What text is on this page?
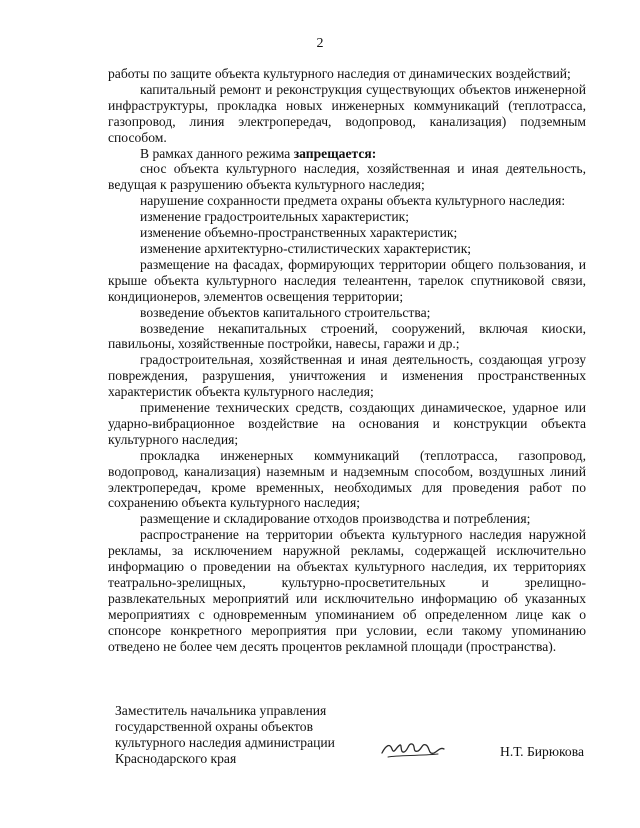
2

работы по защите объекта культурного наследия от динамических воздействий;

капитальный ремонт и реконструкция существующих объектов инженерной инфраструктуры, прокладка новых инженерных коммуникаций (теплотрасса, газопровод, линия электропередач, водопровод, канализация) подземным способом.

В рамках данного режима запрещается:

снос объекта культурного наследия, хозяйственная и иная деятельность, ведущая к разрушению объекта культурного наследия;

нарушение сохранности предмета охраны объекта культурного наследия:

изменение градостроительных характеристик;

изменение объемно-пространственных характеристик;

изменение архитектурно-стилистических характеристик;

размещение на фасадах, формирующих территории общего пользования, и крыше объекта культурного наследия телеантенн, тарелок спутниковой связи, кондиционеров, элементов освещения территории;

возведение объектов капитального строительства;

возведение некапитальных строений, сооружений, включая киоски, павильоны, хозяйственные постройки, навесы, гаражи и др.;

градостроительная, хозяйственная и иная деятельность, создающая угрозу повреждения, разрушения, уничтожения и изменения пространственных характеристик объекта культурного наследия;

применение технических средств, создающих динамическое, ударное или ударно-вибрационное воздействие на основания и конструкции объекта культурного наследия;

прокладка инженерных коммуникаций (теплотрасса, газопровод, водопровод, канализация) наземным и надземным способом, воздушных линий электропередач, кроме временных, необходимых для проведения работ по сохранению объекта культурного наследия;

размещение и складирование отходов производства и потребления;

распространение на территории объекта культурного наследия наружной рекламы, за исключением наружной рекламы, содержащей исключительно информацию о проведении на объектах культурного наследия, их территориях театрально-зрелищных, культурно-просветительных и зрелищно-развлекательных мероприятий или исключительно информацию об указанных мероприятиях с одновременным упоминанием об определенном лице как о спонсоре конкретного мероприятия при условии, если такому упоминанию отведено не более чем десять процентов рекламной площади (пространства).

Заместитель начальника управления
государственной охраны объектов
культурного наследия администрации
Краснодарского края	Н.Т. Бирюкова
